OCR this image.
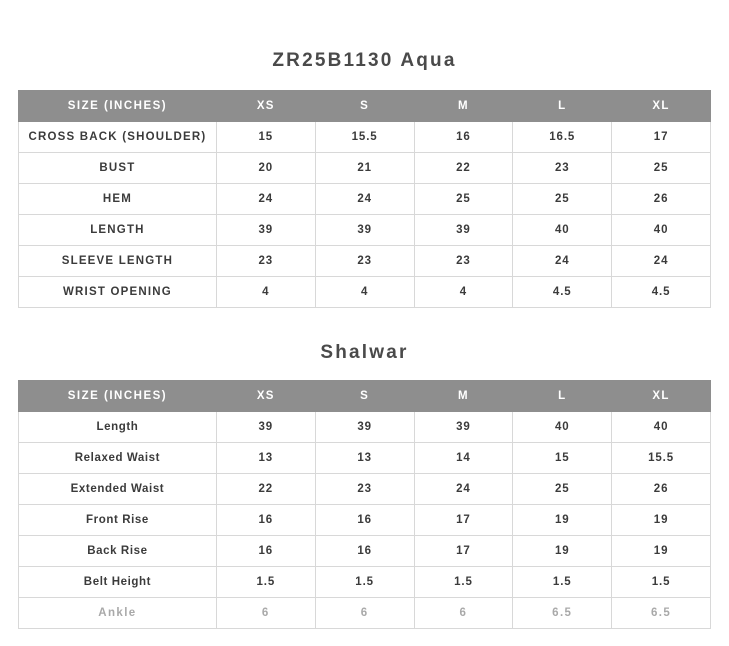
ZR25B1130 Aqua
SIZE (INCHES)	XS	S	M	L	XL
CROSS BACK (SHOULDER)	15	15.5	16	16.5	17
BUST	20	21	22	23	25
HEM	24	24	25	25	26
LENGTH	39	39	39	40	40
SLEEVE LENGTH	23	23	23	24	24
WRIST OPENING	4	4	4	4.5	4.5
Shalwar
SIZE (INCHES)	XS	S	M	L	XL
Length	39	39	39	40	40
Relaxed Waist	13	13	14	15	15.5
Extended Waist	22	23	24	25	26
Front Rise	16	16	17	19	19
Back Rise	16	16	17	19	19
Belt Height	1.5	1.5	1.5	1.5	1.5
Ankle	6	6	6	6.5	6.5
